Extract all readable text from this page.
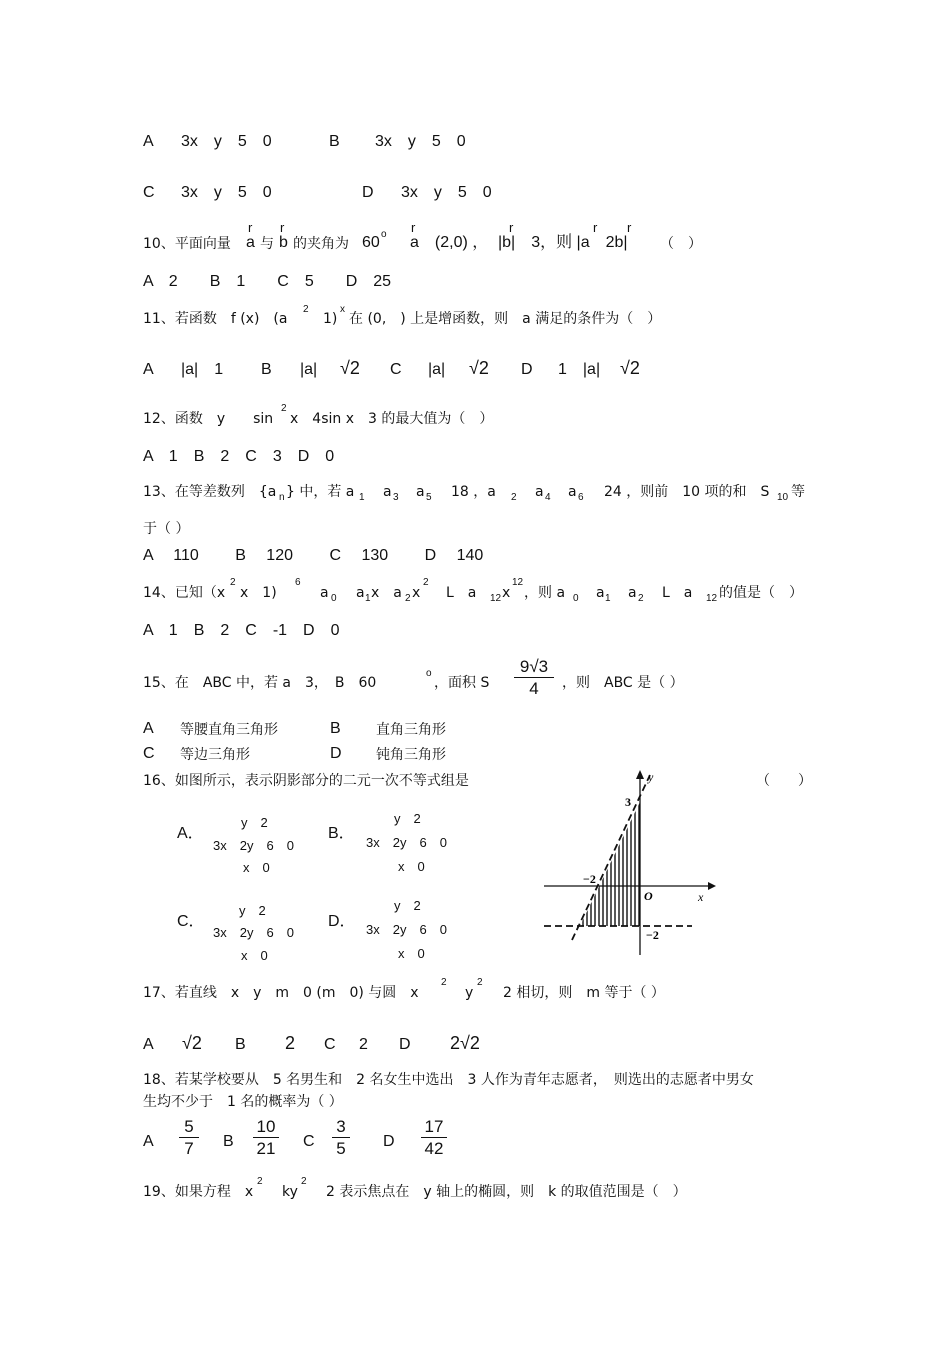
A 3x　y　5　0	B 3x　y　5　0
C 3x　y　5　0	D 3x　y　5　0
r r	r	r	r r
10、平面向量 a 与 b 的夹角为 60 o a　(2,0) ， |b|　3，则 |a　2b| （　）
A　2　　B　1　　C　5　　D　25
11、若函数　f (x)　(a
2
1)
x
在 (0,　) 上是增函数，则　a 满足的条件为（　）
A |a|　1 B |a| √2 C |a| √2 D 1　|a| √2
12、函数　y　　sin
2
x　4sin x　3 的最大值为（　）
A　1　B　2　C　3　D　0
13、在等差数列　{a n } 中，若 a 1 a 3 a 5 18 ，a 2 a 4 a 6 24 ，则前　10 项的和　S 10 等
于（ ）
A　 110　　 B　 120　　 C　 130　　 D　 140
14、已知（x
2
x　1)
6
a 0 a 1 x　a 2 x
2
L　a 12 x
12
，则 a 0 a 1 a 2 L　a 12 的值是（　）
A　1　B　2　C　-1　D　0
15、在　ABC 中，若 a　3，　B　60
o
，面积 S $\frac{9√3}{4}$ ，则　ABC 是（ ）
A 等腰直角三角形	B	直角三角形
C 等边三角形	D 钝角三角形
16、如图所示，表示阴影部分的二元一次不等式组是	（　　）
A．
y　2
3x　2y　6　0
x　0
B．
y　2
3x　2y　6　0
x　0
C．
y　2
3x　2y　6　0
x　0
D．
y　2
3x　2y　6　0
x　0
y
x
O
3
−2
−2
17、若直线　x　y　m　0 (m　0) 与圆　x
2
y
2
2 相切，则　m 等于（ ）
A √2 B 2 C 2 D 2√2
18、若某学校要从　5 名男生和　2 名女生中选出　3 人作为青年志愿者，　则选出的志愿者中男女
生均不少于　1 名的概率为（ ）
A $\frac{5}{7}$ B $\frac{10}{21}$ C $\frac{3}{5}$ D $\frac{17}{42}$
19、如果方程　x
2
ky
2
2 表示焦点在　y 轴上的椭圆，则　k 的取值范围是（　）
